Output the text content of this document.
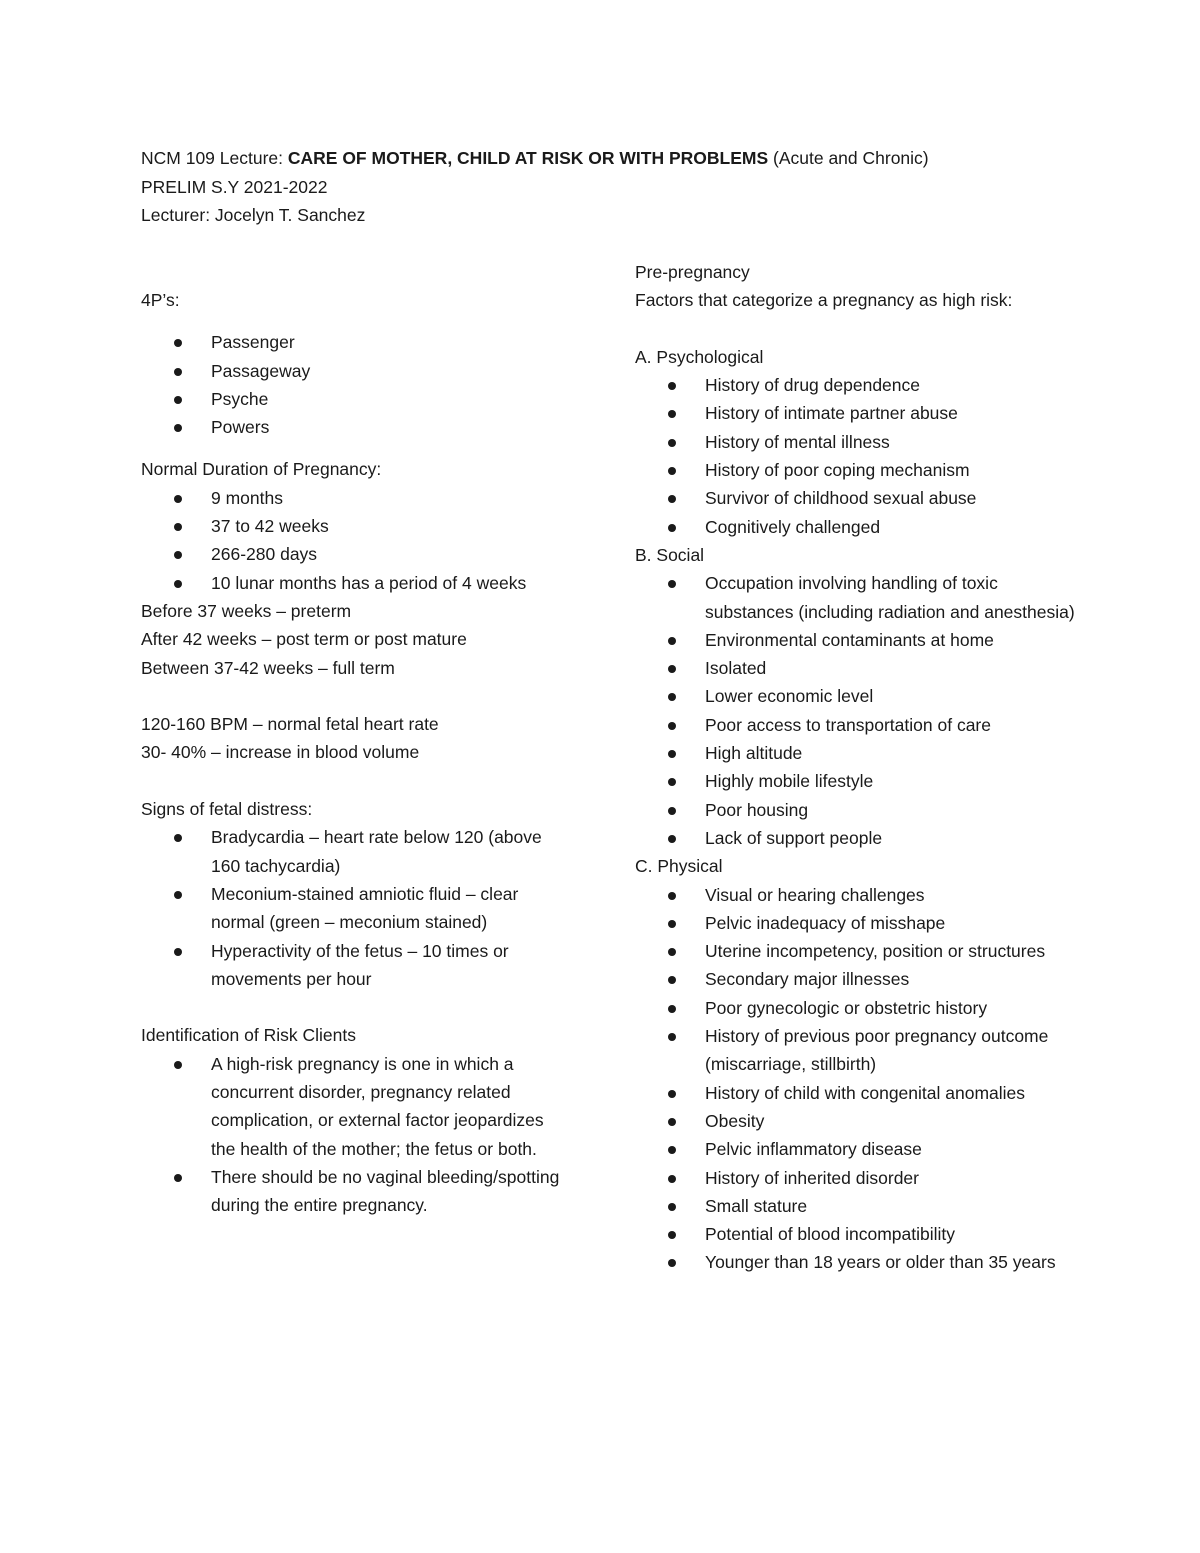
NCM 109 Lecture: CARE OF MOTHER, CHILD AT RISK OR WITH PROBLEMS (Acute and Chronic)
PRELIM S.Y 2021-2022
Lecturer: Jocelyn T. Sanchez

4P’s:

Passenger
Passageway
Psyche
Powers

Normal Duration of Pregnancy:

9 months
37 to 42 weeks
266-280 days
10 lunar months has a period of 4 weeks

Before 37 weeks – preterm

After 42 weeks – post term or post mature

Between 37-42 weeks – full term

120-160 BPM – normal fetal heart rate

30- 40% – increase in blood volume

Signs of fetal distress:

Bradycardia – heart rate below 120 (above 160 tachycardia)
Meconium-stained amniotic fluid – clear normal (green – meconium stained)
Hyperactivity of the fetus – 10 times or movements per hour

Identification of Risk Clients

A high-risk pregnancy is one in which a concurrent disorder, pregnancy related complication, or external factor jeopardizes the health of the mother; the fetus or both.
There should be no vaginal bleeding/spotting during the entire pregnancy.

Pre-pregnancy

Factors that categorize a pregnancy as high risk:

A. Psychological

History of drug dependence
History of intimate partner abuse
History of mental illness
History of poor coping mechanism
Survivor of childhood sexual abuse
Cognitively challenged

B. Social

Occupation involving handling of toxic substances (including radiation and anesthesia)
Environmental contaminants at home
Isolated
Lower economic level
Poor access to transportation of care
High altitude
Highly mobile lifestyle
Poor housing
Lack of support people

C. Physical

Visual or hearing challenges
Pelvic inadequacy of misshape
Uterine incompetency, position or structures
Secondary major illnesses
Poor gynecologic or obstetric history
History of previous poor pregnancy outcome (miscarriage, stillbirth)
History of child with congenital anomalies
Obesity
Pelvic inflammatory disease
History of inherited disorder
Small stature
Potential of blood incompatibility
Younger than 18 years or older than 35 years
